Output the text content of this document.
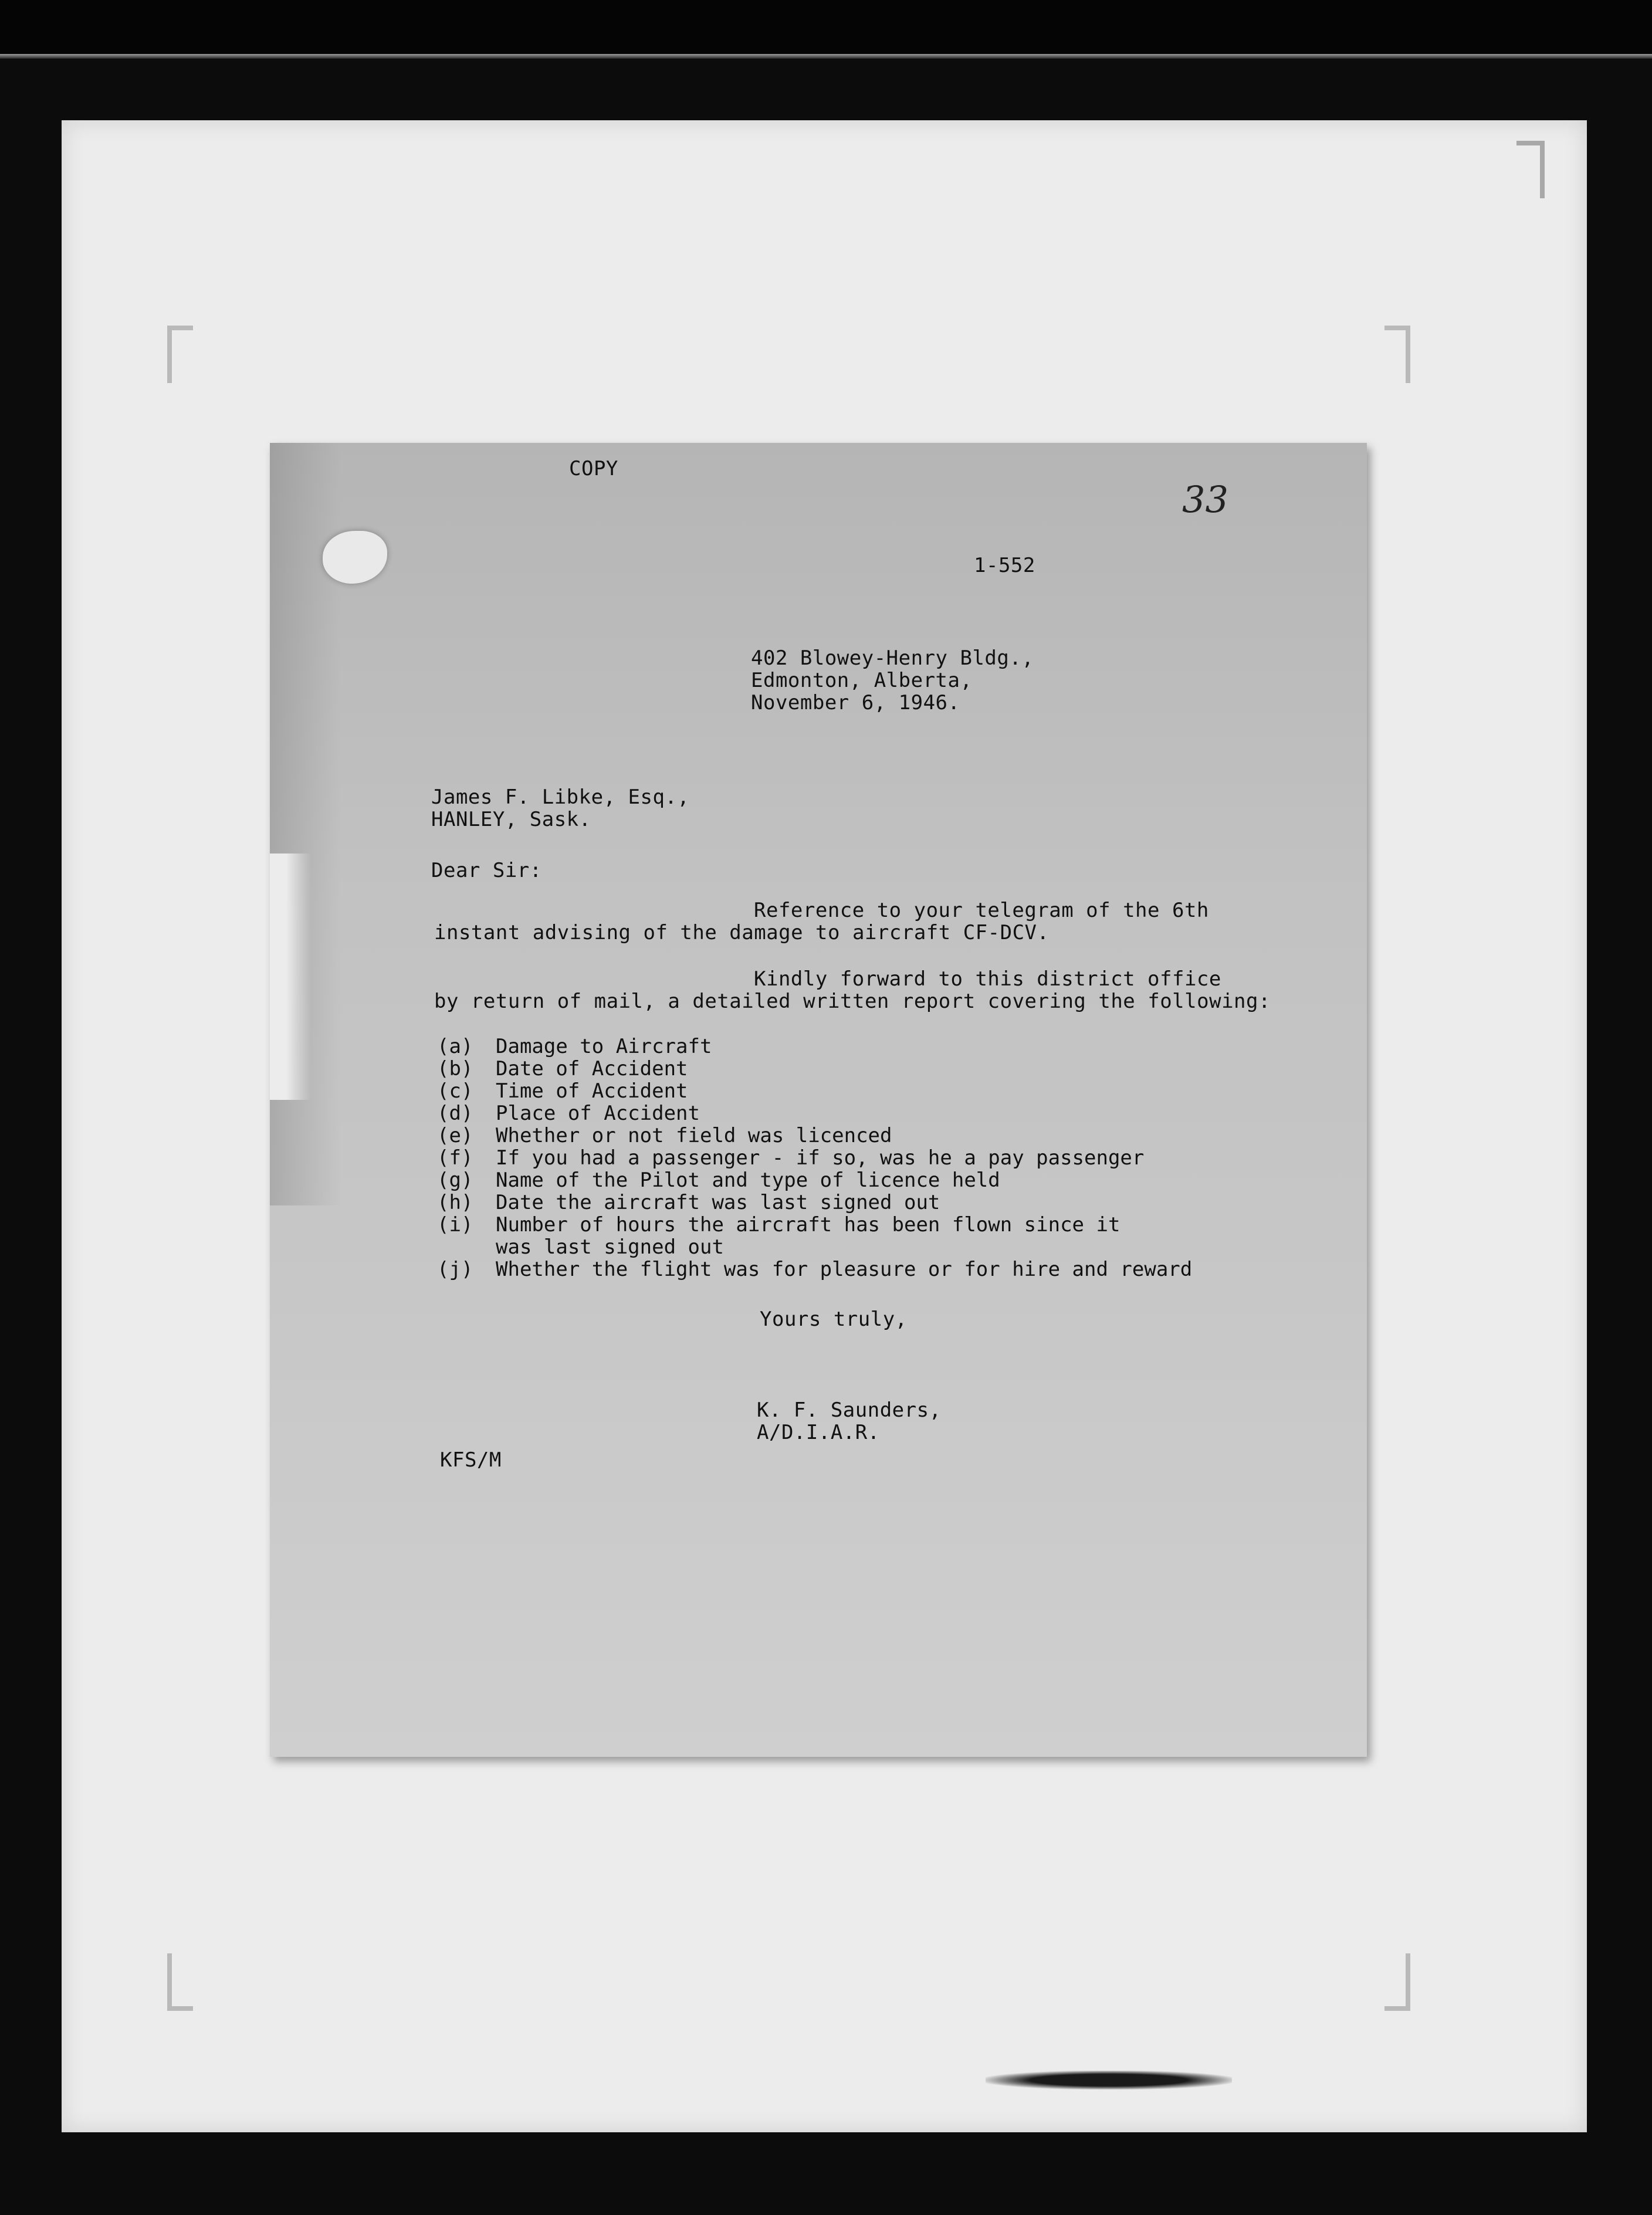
COPY

33

1-552

402 Blowey-Henry Bldg.,

Edmonton, Alberta,

November 6, 1946.

James F. Libke, Esq.,

HANLEY, Sask.

Dear Sir:

Reference to your telegram of the 6th

instant advising of the damage to aircraft CF-DCV.

Kindly forward to this district office

by return of mail, a detailed written report covering the following:

(a) Damage to Aircraft
(b) Date of Accident
(c) Time of Accident
(d) Place of Accident
(e) Whether or not field was licenced
(f) If you had a passenger - if so, was he a pay passenger
(g) Name of the Pilot and type of licence held
(h) Date the aircraft was last signed out
(i) Number of hours the aircraft has been flown since it
was last signed out
(j) Whether the flight was for pleasure or for hire and reward

Yours truly,

K. F. Saunders,

A/D.I.A.R.

KFS/M
